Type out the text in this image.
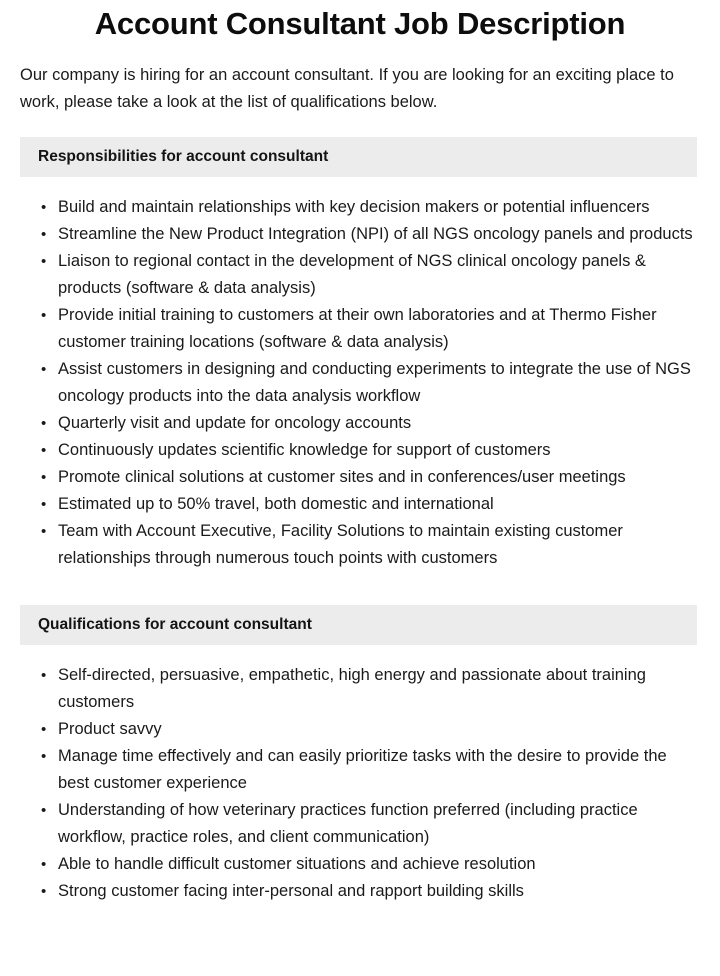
Account Consultant Job Description

Our company is hiring for an account consultant. If you are looking for an exciting place to work, please take a look at the list of qualifications below.

Responsibilities for account consultant
• Build and maintain relationships with key decision makers or potential influencers
• Streamline the New Product Integration (NPI) of all NGS oncology panels and products
• Liaison to regional contact in the development of NGS clinical oncology panels & products (software & data analysis)
• Provide initial training to customers at their own laboratories and at Thermo Fisher customer training locations (software & data analysis)
• Assist customers in designing and conducting experiments to integrate the use of NGS oncology products into the data analysis workflow
• Quarterly visit and update for oncology accounts
• Continuously updates scientific knowledge for support of customers
• Promote clinical solutions at customer sites and in conferences/user meetings
• Estimated up to 50% travel, both domestic and international
• Team with Account Executive, Facility Solutions to maintain existing customer relationships through numerous touch points with customers
Qualifications for account consultant
• Self-directed, persuasive, empathetic, high energy and passionate about training customers
• Product savvy
• Manage time effectively and can easily prioritize tasks with the desire to provide the best customer experience
• Understanding of how veterinary practices function preferred (including practice workflow, practice roles, and client communication)
• Able to handle difficult customer situations and achieve resolution
• Strong customer facing inter-personal and rapport building skills
